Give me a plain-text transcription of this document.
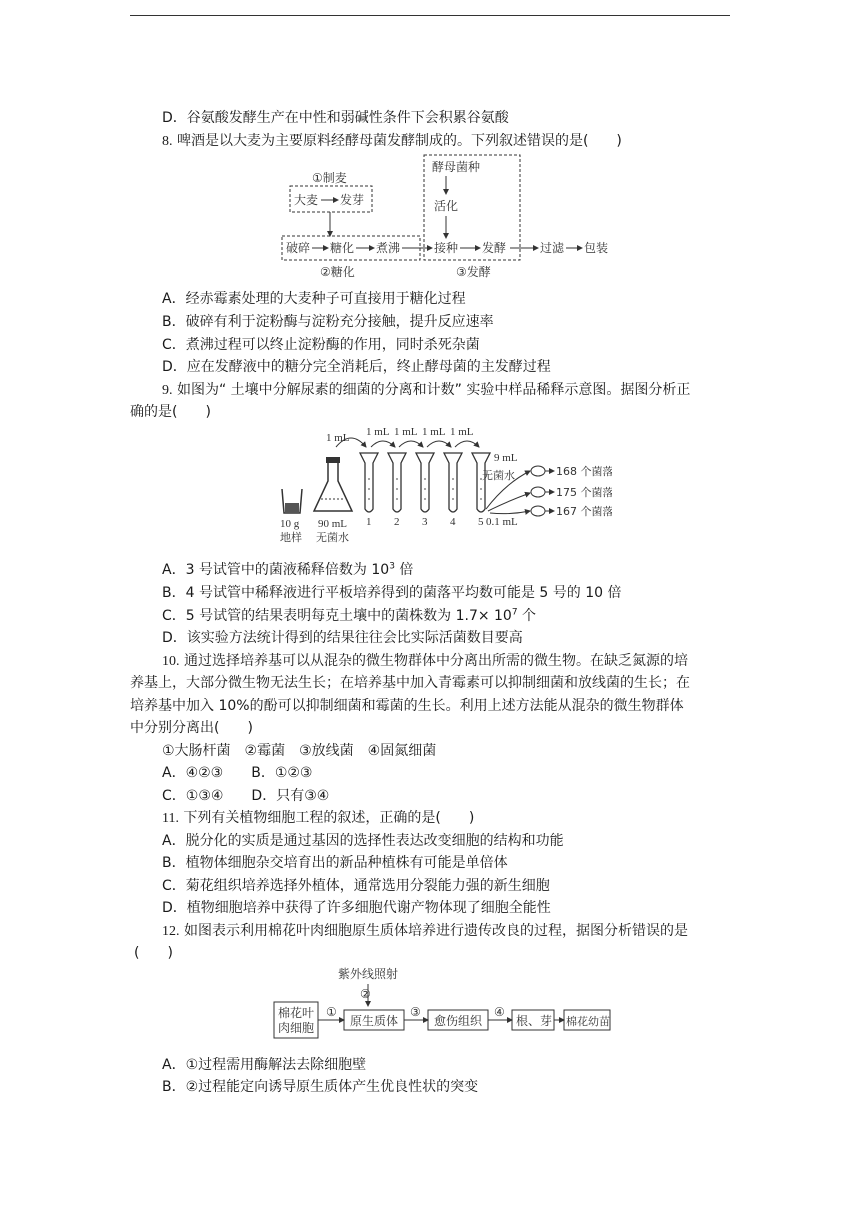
D．谷氨酸发酵生产在中性和弱碱性条件下会积累谷氨酸
8. 啤酒是以大麦为主要原料经酵母菌发酵制成的。下列叙述错误的是(　　)
①制麦
大麦 发芽
破碎 糖化 煮沸
②糖化
酵母菌种
活化
接种 发酵
③发酵
过滤 包装
A．经赤霉素处理的大麦种子可直接用于糖化过程
B．破碎有利于淀粉酶与淀粉充分接触，提升反应速率
C．煮沸过程可以终止淀粉酶的作用，同时杀死杂菌
D．应在发酵液中的糖分完全消耗后，终止酵母菌的主发酵过程
9. 如图为“ 土壤中分解尿素的细菌的分离和计数” 实验中样品稀释示意图。据图分析正
确的是(　　)
1 mL 1 mL 1 mL 1 mL 1 mL
1 2 3 4 5
9 mL
无菌水	168 个菌落
175 个菌落
167 个菌落
0.1 mL
10 g
地样
90 mL
无菌水
A．3 号试管中的菌液稀释倍数为 $10^3$ 倍
B．4 号试管中稀释液进行平板培养得到的菌落平均数可能是 5 号的 10 倍
C．5 号试管的结果表明每克土壤中的菌株数为 $1.7\times 10^7$ 个
D．该实验方法统计得到的结果往往会比实际活菌数目要高
10. 通过选择培养基可以从混杂的微生物群体中分离出所需的微生物。在缺乏氮源的培
养基上，大部分微生物无法生长；在培养基中加入青霉素可以抑制细菌和放线菌的生长；在
培养基中加入 10%的酚可以抑制细菌和霉菌的生长。利用上述方法能从混杂的微生物群体
中分别分离出(　　)
①大肠杆菌　②霉菌　③放线菌　④固氮细菌
A．④②③　　B．①②③
C．①③④　　D．只有③④
11. 下列有关植物细胞工程的叙述，正确的是(　　)
A．脱分化的实质是通过基因的选择性表达改变细胞的结构和功能
B．植物体细胞杂交培育出的新品种植株有可能是单倍体
C．菊花组织培养选择外植体，通常选用分裂能力强的新生细胞
D．植物细胞培养中获得了许多细胞代谢产物体现了细胞全能性
12. 如图表示利用棉花叶肉细胞原生质体培养进行遗传改良的过程，据图分析错误的是
(　　)
紫外线照射
②
棉花叶
肉细胞
①
原生质体
③
愈伤组织
④
根、芽 棉花幼苗
A．①过程需用酶解法去除细胞壁
B．②过程能定向诱导原生质体产生优良性状的突变
